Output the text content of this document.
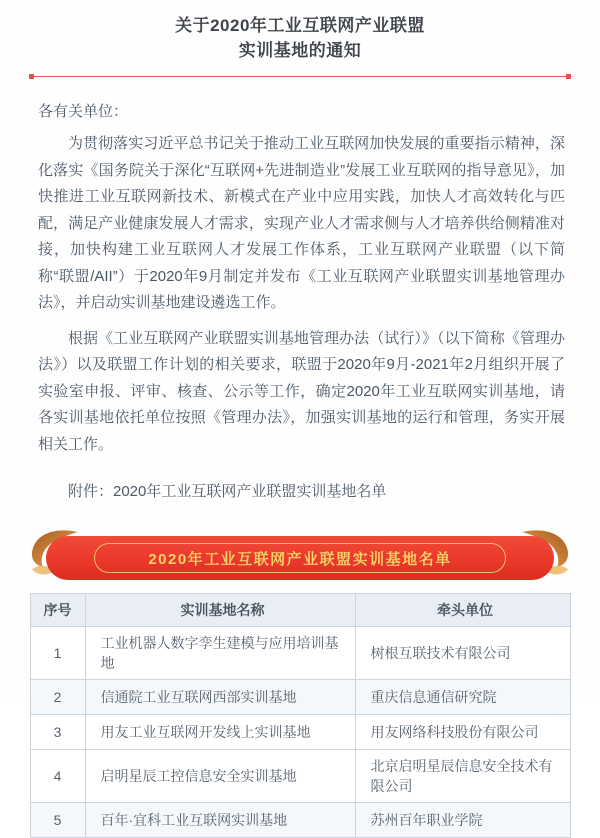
关于2020年工业互联网产业联盟
实训基地的通知
各有关单位：

为贯彻落实习近平总书记关于推动工业互联网加快发展的重要指示精神，深化落实《国务院关于深化“互联网+先进制造业”发展工业互联网的指导意见》，加快推进工业互联网新技术、新模式在产业中应用实践，加快人才高效转化与匹配，满足产业健康发展人才需求，实现产业人才需求侧与人才培养供给侧精准对接，加快构建工业互联网人才发展工作体系，工业互联网产业联盟（以下简称“联盟/AII”）于2020年9月制定并发布《工业互联网产业联盟实训基地管理办法》，并启动实训基地建设遴选工作。

根据《工业互联网产业联盟实训基地管理办法（试行）》（以下简称《管理办法》）以及联盟工作计划的相关要求，联盟于2020年9月-2021年2月组织开展了实验室申报、评审、核查、公示等工作，确定2020年工业互联网实训基地，请各实训基地依托单位按照《管理办法》，加强实训基地的运行和管理，务实开展相关工作。

附件：2020年工业互联网产业联盟实训基地名单
2020年工业互联网产业联盟实训基地名单
序号	实训基地名称	牵头单位
1	工业机器人数字孪生建模与应用培训基地	树根互联技术有限公司
2	信通院工业互联网西部实训基地	重庆信息通信研究院
3	用友工业互联网开发线上实训基地	用友网络科技股份有限公司
4	启明星辰工控信息安全实训基地	北京启明星辰信息安全技术有限公司
5	百年·宜科工业互联网实训基地	苏州百年职业学院
